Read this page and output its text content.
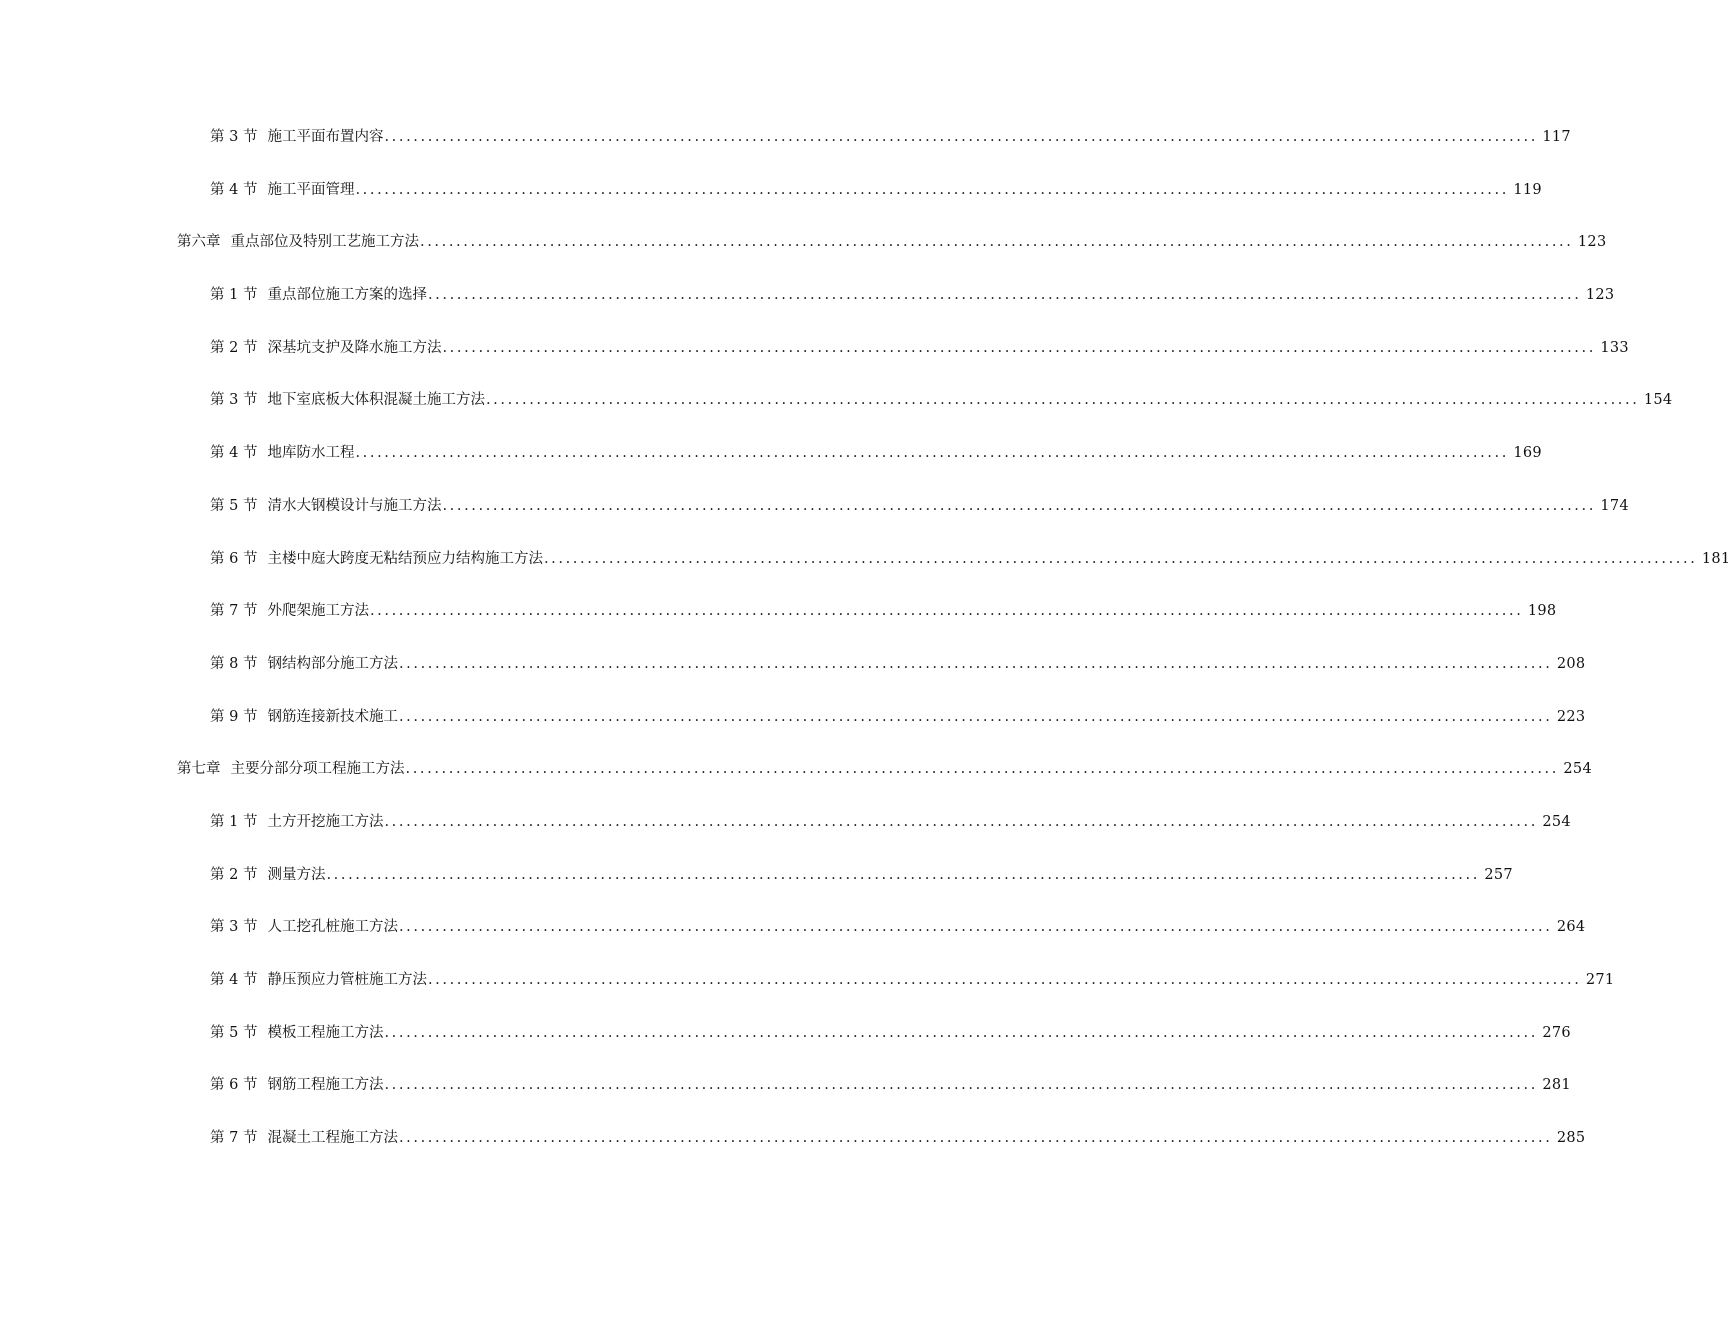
第 3 节 施工平面布置内容 ................................................................................................................................................................ 117
第 4 节 施工平面管理 ................................................................................................................................................................ 119
第六章 重点部位及特别工艺施工方法 ................................................................................................................................................................ 123
第 1 节 重点部位施工方案的选择 ................................................................................................................................................................ 123
第 2 节 深基坑支护及降水施工方法 ................................................................................................................................................................ 133
第 3 节 地下室底板大体积混凝土施工方法 ................................................................................................................................................................ 154
第 4 节 地库防水工程 ................................................................................................................................................................ 169
第 5 节 清水大钢模设计与施工方法 ................................................................................................................................................................ 174
第 6 节 主楼中庭大跨度无粘结预应力结构施工方法 ................................................................................................................................................................ 181
第 7 节 外爬架施工方法 ................................................................................................................................................................ 198
第 8 节 钢结构部分施工方法 ................................................................................................................................................................ 208
第 9 节 钢筋连接新技术施工 ................................................................................................................................................................ 223
第七章 主要分部分项工程施工方法 ................................................................................................................................................................ 254
第 1 节 土方开挖施工方法 ................................................................................................................................................................ 254
第 2 节 测量方法 ................................................................................................................................................................ 257
第 3 节 人工挖孔桩施工方法 ................................................................................................................................................................ 264
第 4 节 静压预应力管桩施工方法 ................................................................................................................................................................ 271
第 5 节 模板工程施工方法 ................................................................................................................................................................ 276
第 6 节 钢筋工程施工方法 ................................................................................................................................................................ 281
第 7 节 混凝土工程施工方法 ................................................................................................................................................................ 285
